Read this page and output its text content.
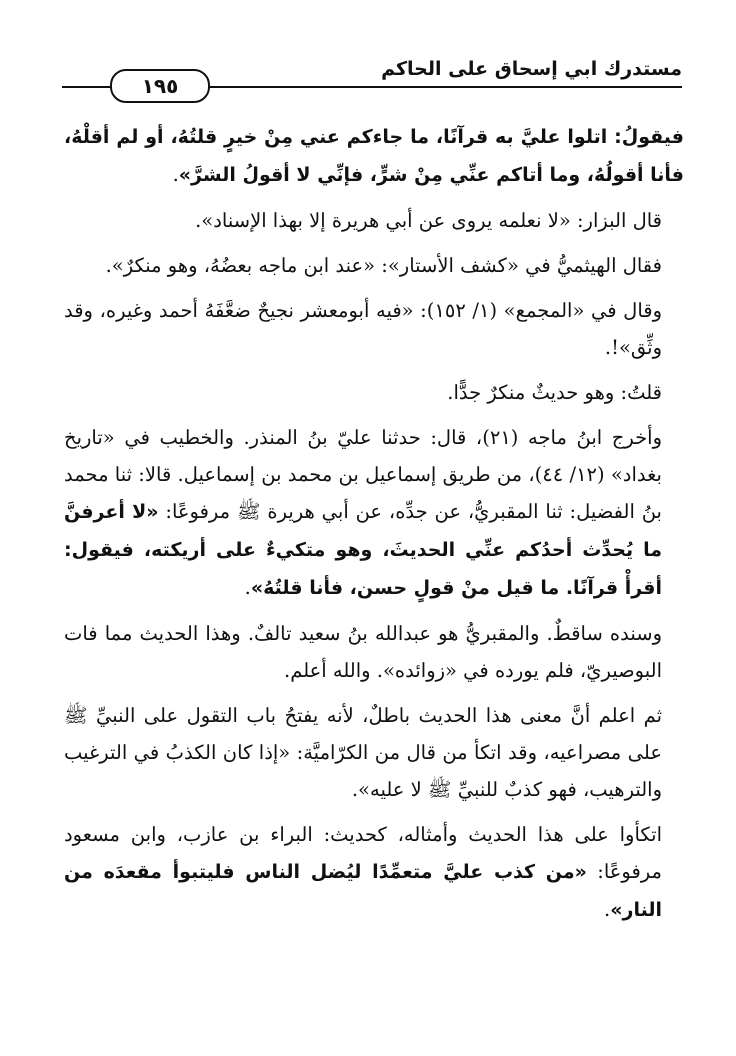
مستدرك ابي إسحاق على الحاكم
١٩٥

فيقولُ: اتلوا عليَّ به قرآنًا، ما جاءكم عني مِنْ خيرٍ قلتُهُ، أو لم أقلْهُ، فأنا أقولُهُ، وما أتاكم عنِّي مِنْ شرٍّ، فإنِّي لا أقولُ الشرَّ».

قال البزار: «لا نعلمه يروى عن أبي هريرة إلا بهذا الإسناد».

فقال الهيثميُّ في «كشف الأستار»: «عند ابن ماجه بعضُهُ، وهو منكرٌ».

وقال في «المجمع» (١/ ١٥٢): «فيه أبومعشر نجيحٌ ضعَّفَهُ أحمد وغيره، وقد وثِّق»!.

قلتُ: وهو حديثٌ منكرٌ جدًّا.

وأخرج ابنُ ماجه (٢١)، قال: حدثنا عليّ بنُ المنذر. والخطيب في «تاريخ بغداد» (١٢/ ٤٤)، من طريق إسماعيل بن محمد بن إسماعيل. قالا: ثنا محمد بنُ الفضيل: ثنا المقبريُّ، عن جدِّه، عن أبي هريرة ﷺ مرفوعًا: «لا أعرفنَّ ما يُحدِّث أحدُكم عنِّي الحديثَ، وهو متكيءٌ على أريكته، فيقول: أقرأْ قرآنًا. ما قيل منْ قولٍ حسن، فأنا قلتُهُ».

وسنده ساقطٌ. والمقبريُّ هو عبدالله بنُ سعيد تالفٌ. وهذا الحديث مما فات البوصيريّ، فلم يورده في «زوائده». والله أعلم.

ثم اعلم أنَّ معنى هذا الحديث باطلٌ، لأنه يفتحُ باب التقول على النبيِّ ﷺ على مصراعيه، وقد اتكأ من قال من الكرّاميَّة: «إذا كان الكذبُ في الترغيب والترهيب، فهو كذبٌ للنبيِّ ﷺ لا عليه».

اتكأوا على هذا الحديث وأمثاله، كحديث: البراء بن عازب، وابن مسعود مرفوعًا: «من كذب عليَّ متعمِّدًا ليُضل الناس فليتبوأ مقعدَه من النار».
